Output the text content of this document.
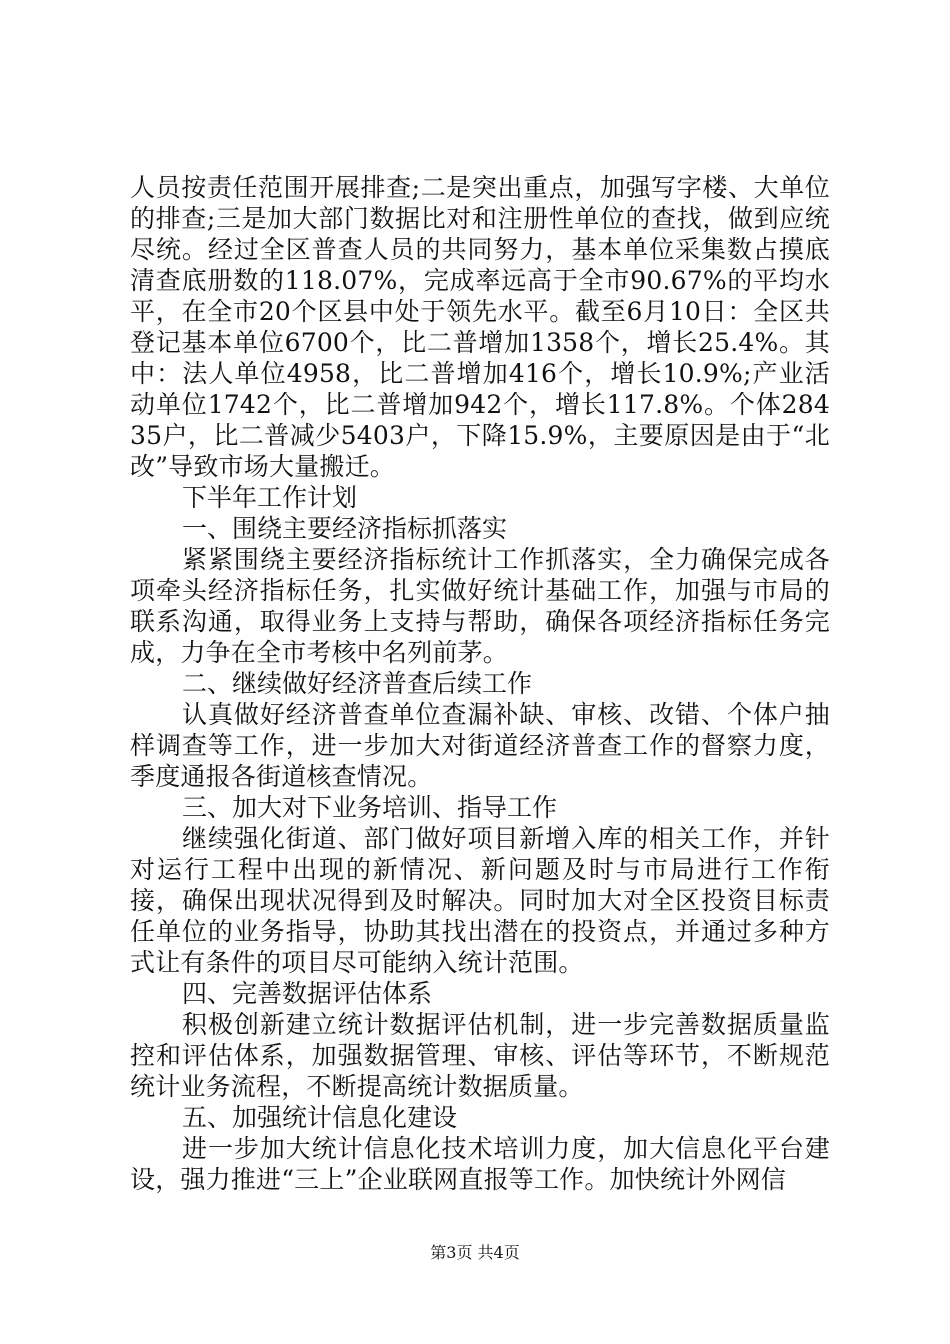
人员按责任范围开展排查;二是突出重点，加强写字楼、大单位的排查;三是加大部门数据比对和注册性单位的查找，做到应统尽统。经过全区普查人员的共同努力，基本单位采集数占摸底清查底册数的118.07%，完成率远高于全市90.67%的平均水平，在全市20个区县中处于领先水平。截至6月10日：全区共登记基本单位6700个，比二普增加1358个，增长25.4%。其中：法人单位4958，比二普增加416个，增长10.9%;产业活动单位1742个，比二普增加942个，增长117.8%。个体28435户，比二普减少5403户，下降15.9%，主要原因是由于“北改”导致市场大量搬迁。

下半年工作计划

一、围绕主要经济指标抓落实

紧紧围绕主要经济指标统计工作抓落实，全力确保完成各项牵头经济指标任务，扎实做好统计基础工作，加强与市局的联系沟通，取得业务上支持与帮助，确保各项经济指标任务完成，力争在全市考核中名列前茅。

二、继续做好经济普查后续工作

认真做好经济普查单位查漏补缺、审核、改错、个体户抽样调查等工作，进一步加大对街道经济普查工作的督察力度，季度通报各街道核查情况。

三、加大对下业务培训、指导工作

继续强化街道、部门做好项目新增入库的相关工作，并针对运行工程中出现的新情况、新问题及时与市局进行工作衔接，确保出现状况得到及时解决。同时加大对全区投资目标责任单位的业务指导，协助其找出潜在的投资点，并通过多种方式让有条件的项目尽可能纳入统计范围。

四、完善数据评估体系

积极创新建立统计数据评估机制，进一步完善数据质量监控和评估体系，加强数据管理、审核、评估等环节，不断规范统计业务流程，不断提高统计数据质量。

五、加强统计信息化建设

进一步加大统计信息化技术培训力度，加大信息化平台建设，强力推进“三上”企业联网直报等工作。加快统计外网信

第3页 共4页
